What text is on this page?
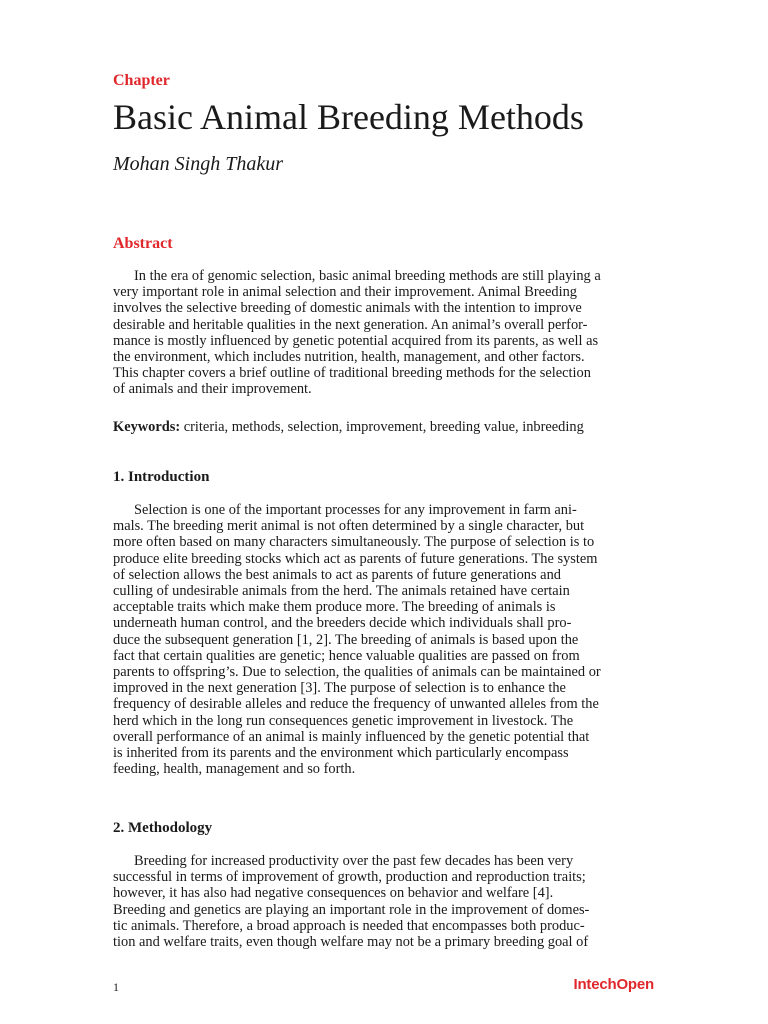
Chapter
Basic Animal Breeding Methods
Mohan Singh Thakur
Abstract
In the era of genomic selection, basic animal breeding methods are still playing a
very important role in animal selection and their improvement. Animal Breeding
involves the selective breeding of domestic animals with the intention to improve
desirable and heritable qualities in the next generation. An animal’s overall perfor-
mance is mostly influenced by genetic potential acquired from its parents, as well as
the environment, which includes nutrition, health, management, and other factors.
This chapter covers a brief outline of traditional breeding methods for the selection
of animals and their improvement.
Keywords: criteria, methods, selection, improvement, breeding value, inbreeding
1. Introduction
Selection is one of the important processes for any improvement in farm ani-
mals. The breeding merit animal is not often determined by a single character, but
more often based on many characters simultaneously. The purpose of selection is to
produce elite breeding stocks which act as parents of future generations. The system
of selection allows the best animals to act as parents of future generations and
culling of undesirable animals from the herd. The animals retained have certain
acceptable traits which make them produce more. The breeding of animals is
underneath human control, and the breeders decide which individuals shall pro-
duce the subsequent generation [1, 2]. The breeding of animals is based upon the
fact that certain qualities are genetic; hence valuable qualities are passed on from
parents to offspring’s. Due to selection, the qualities of animals can be maintained or
improved in the next generation [3]. The purpose of selection is to enhance the
frequency of desirable alleles and reduce the frequency of unwanted alleles from the
herd which in the long run consequences genetic improvement in livestock. The
overall performance of an animal is mainly influenced by the genetic potential that
is inherited from its parents and the environment which particularly encompass
feeding, health, management and so forth.
2. Methodology
Breeding for increased productivity over the past few decades has been very
successful in terms of improvement of growth, production and reproduction traits;
however, it has also had negative consequences on behavior and welfare [4].
Breeding and genetics are playing an important role in the improvement of domes-
tic animals. Therefore, a broad approach is needed that encompasses both produc-
tion and welfare traits, even though welfare may not be a primary breeding goal of
1	IntechOpen
